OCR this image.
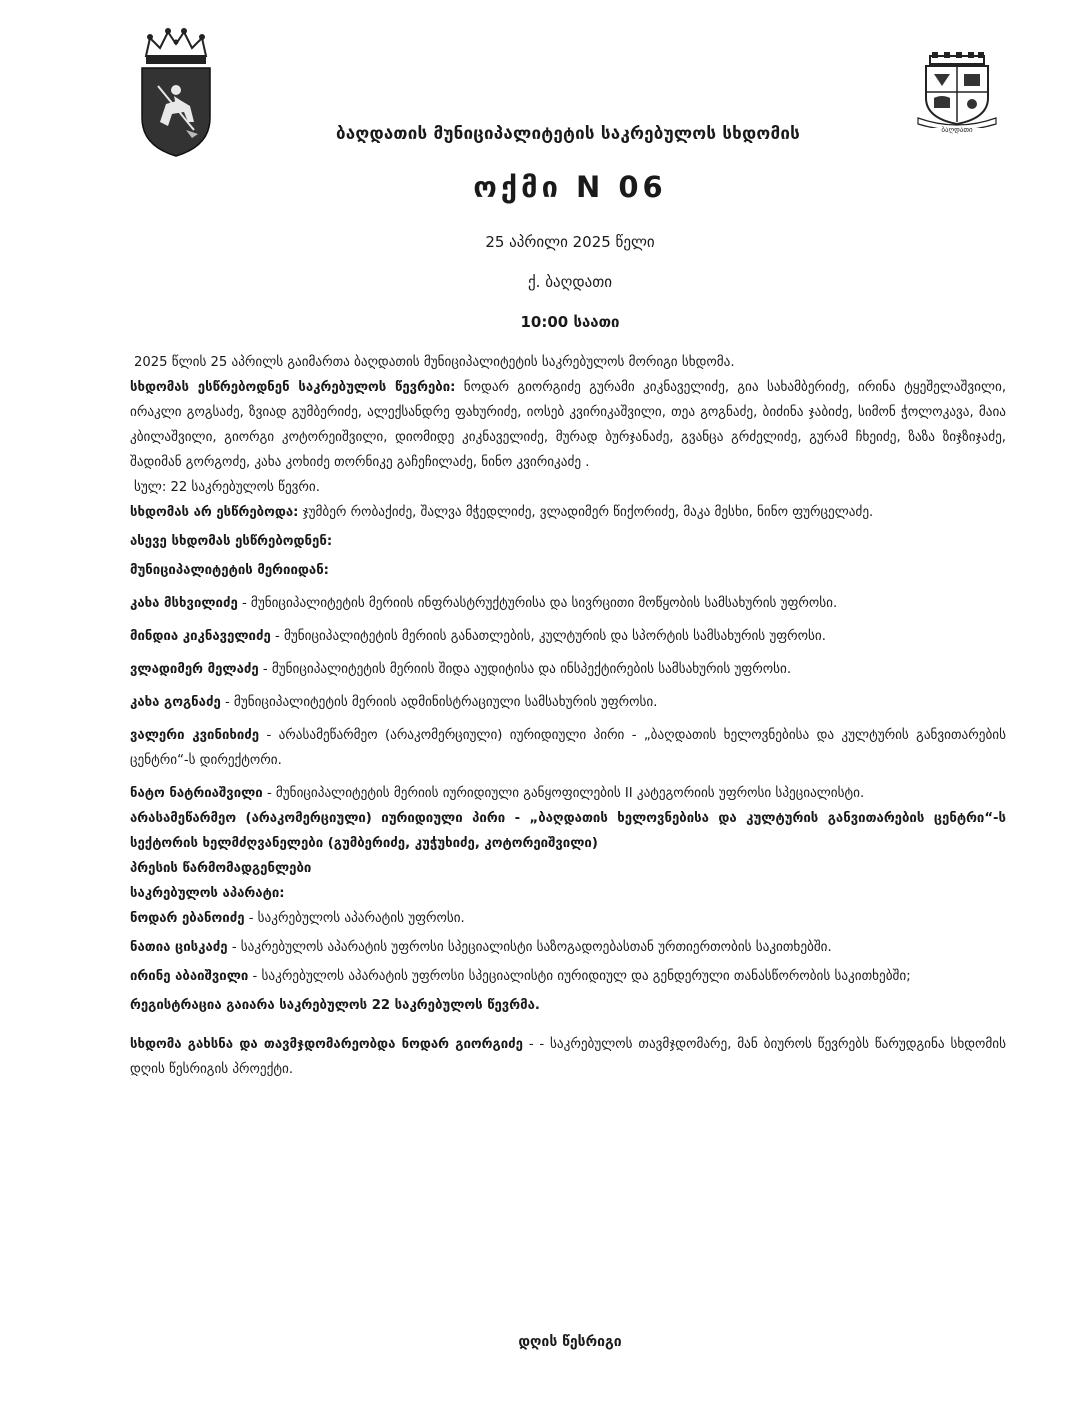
ბაღდათი
ბაღდათის მუნიციპალიტეტის საკრებულოს სხდომის
ოქმი N 06
25 აპრილი 2025 წელი
ქ. ბაღდათი
10:00 საათი

2025 წლის 25 აპრილს გაიმართა ბაღდათის მუნიციპალიტეტის საკრებულოს მორიგი სხდომა.

სხდომას ესწრებოდნენ საკრებულოს წევრები: ნოდარ გიორგიძე გურამი კიკნაველიძე, გია სახამბერიძე, ირინა ტყეშელაშვილი, ირაკლი გოგსაძე, ზვიად გუმბერიძე, ალექსანდრე ფახურიძე, იოსებ კვირიკაშვილი, თეა გოგნაძე, ბიძინა ჯაბიძე, სიმონ ჭოლოკავა, მაია კბილაშვილი, გიორგი კოტორეიშვილი, დიომიდე კიკნაველიძე, მურად ბურჯანაძე, გვანცა გრძელიძე, გურამ ჩხეიძე, ზაზა ზიჯზიჯაძე, შადიმან გორგოძე, კახა კოხიძე თორნიკე გაჩეჩილაძე, ნინო კვირიკაძე .

სულ: 22 საკრებულოს წევრი.

სხდომას არ ესწრებოდა: ჯუმბერ რობაქიძე, შალვა მჭედლიძე, ვლადიმერ წიქორიძე, მაკა მესხი, ნინო ფურცელაძე.

ასევე სხდომას ესწრებოდნენ:

მუნიციპალიტეტის მერიიდან:

კახა მსხვილიძე - მუნიციპალიტეტის მერიის ინფრასტრუქტურისა და სივრცითი მოწყობის სამსახურის უფროსი.

მინდია კიკნაველიძე - მუნიციპალიტეტის მერიის განათლების, კულტურის და სპორტის სამსახურის უფროსი.

ვლადიმერ მელაძე - მუნიციპალიტეტის მერიის შიდა აუდიტისა და ინსპექტირების სამსახურის უფროსი.

კახა გოგნაძე - მუნიციპალიტეტის მერიის ადმინისტრაციული სამსახურის უფროსი.

ვალერი კვინიხიძე - არასამეწარმეო (არაკომერციული) იურიდიული პირი - „ბაღდათის ხელოვნებისა და კულტურის განვითარების ცენტრი“-ს დირექტორი.

ნატო ნატრიაშვილი - მუნიციპალიტეტის მერიის იურიდიული განყოფილების II კატეგორიის უფროსი სპეციალისტი.

არასამეწარმეო (არაკომერციული) იურიდიული პირი - „ბაღდათის ხელოვნებისა და კულტურის განვითარების ცენტრი“-ს სექტორის ხელმძღვანელები (გუმბერიძე, კუჭუხიძე, კოტორეიშვილი)

პრესის წარმომადგენლები

საკრებულოს აპარატი:

ნოდარ ებანოიძე - საკრებულოს აპარატის უფროსი.

ნათია ცისკაძე - საკრებულოს აპარატის უფროსი სპეციალისტი საზოგადოებასთან ურთიერთობის საკითხებში.

ირინე აბაიშვილი - საკრებულოს აპარატის უფროსი სპეციალისტი იურიდიულ და გენდერული თანასწორობის საკითხებში;

რეგისტრაცია გაიარა საკრებულოს 22 საკრებულოს წევრმა.

სხდომა გახსნა და თავმჯდომარეობდა ნოდარ გიორგიძე - - საკრებულოს თავმჯდომარე, მან ბიუროს წევრებს წარუდგინა სხდომის დღის წესრიგის პროექტი.

დღის წესრიგი
